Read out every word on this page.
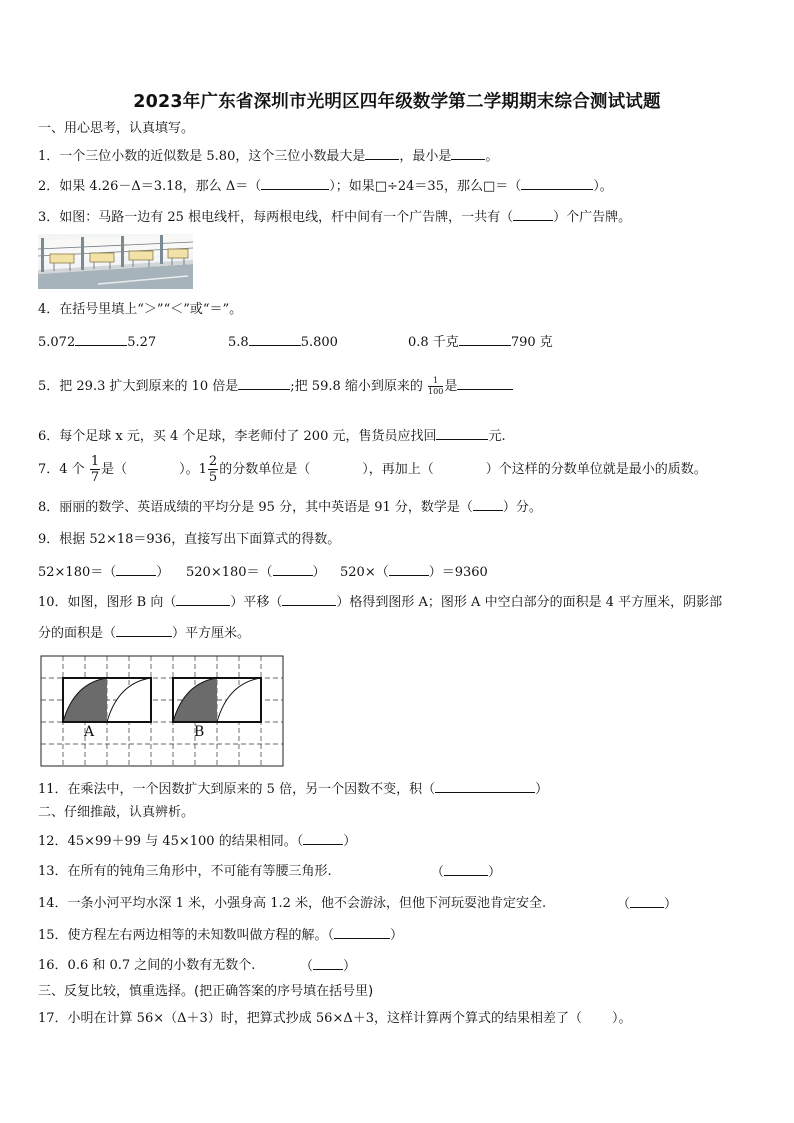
2023年广东省深圳市光明区四年级数学第二学期期末综合测试试题
一、用心思考，认真填写。
1．一个三位小数的近似数是 5.80，这个三位小数最大是	，最小是	。
2．如果 4.26－Δ＝3.18，那么 Δ＝（	）；如果□÷24＝35，那么□＝（	）。
3．如图：马路一边有 25 根电线杆，每两根电线，杆中间有一个广告牌，一共有（	）个广告牌。
4．在括号里填上“＞”“＜”或“＝”。
5.072	5.27	5.8	5.800	0.8 千克	790 克
5．把 29.3 扩大到原来的 10 倍是	;把 59.8 缩小到原来的 $\frac{1}{100}$ 是
6．每个足球 x 元，买 4 个足球，李老师付了 200 元，售货员应找回	元.
7．4 个 $\frac{1}{7}$ 是（	）。$1 \frac{2}{5}$ 的分数单位是（	），再加上（	）个这样的分数单位就是最小的质数。
8．丽丽的数学、英语成绩的平均分是 95 分，其中英语是 91 分，数学是（ ）分。
9．根据 52×18＝936，直接写出下面算式的得数。
52×180＝（	） 520×180＝（	） 520×（	）＝9360
10．如图，图形 B 向（	）平移（	）格得到图形 A；图形 A 中空白部分的面积是 4 平方厘米，阴影部
分的面积是（	）平方厘米。
A	B
11．在乘法中，一个因数扩大到原来的 5 倍，另一个因数不变，积（	）
二、仔细推敲，认真辨析。
12．45×99＋99 与 45×100 的结果相同。（	）
13．在所有的钝角三角形中，不可能有等腰三角形.	（	）
14．一条小河平均水深 1 米，小强身高 1.2 米，他不会游泳，但他下河玩耍池肯定安全.	（	）
15．使方程左右两边相等的未知数叫做方程的解。（	）
16．0.6 和 0.7 之间的小数有无数个.	（ ）
三、反复比较，慎重选择。(把正确答案的序号填在括号里)
17．小明在计算 56×（Δ＋3）时，把算式抄成 56×Δ＋3，这样计算两个算式的结果相差了（ ）。
